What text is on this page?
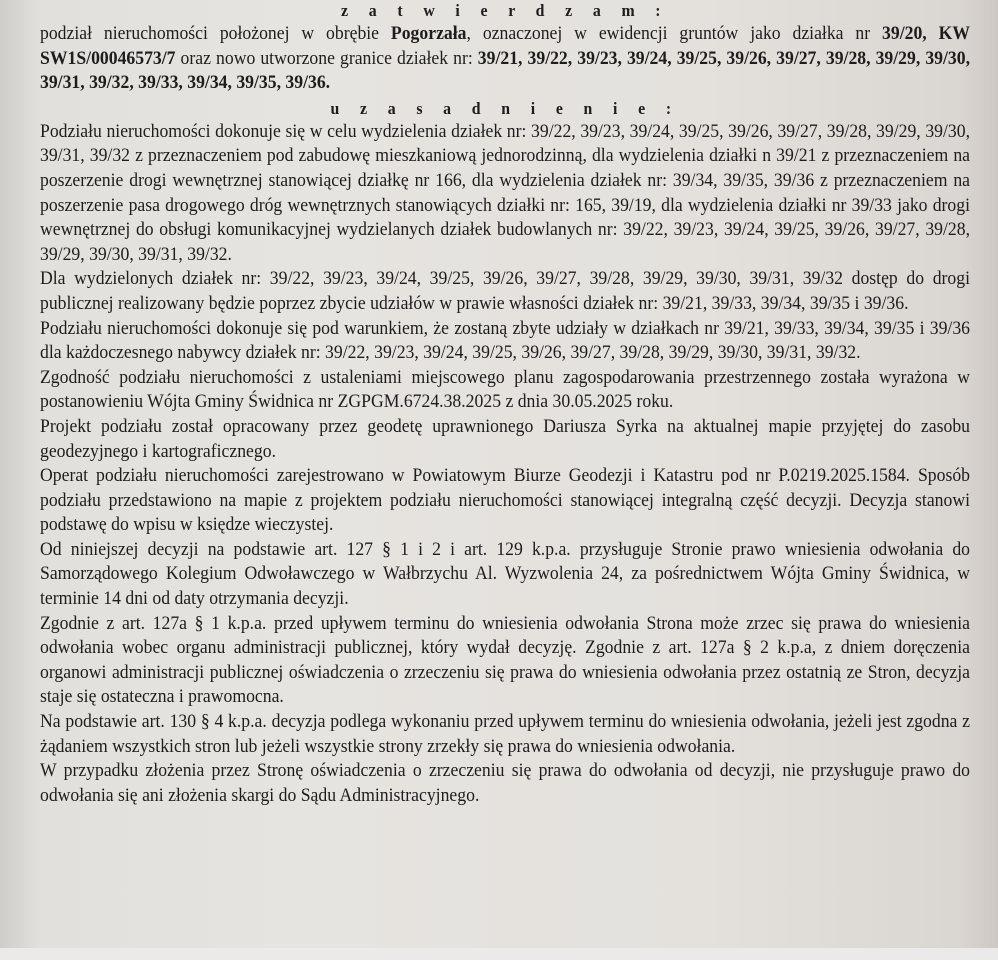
z a t w i e r d z a m :

podział nieruchomości położonej w obrębie Pogorzała, oznaczonej w ewidencji gruntów jako działka nr 39/20, KW SW1S/00046573/7 oraz nowo utworzone granice działek nr: 39/21, 39/22, 39/23, 39/24, 39/25, 39/26, 39/27, 39/28, 39/29, 39/30, 39/31, 39/32, 39/33, 39/34, 39/35, 39/36.

u z a s a d n i e n i e :

Podziału nieruchomości dokonuje się w celu wydzielenia działek nr: 39/22, 39/23, 39/24, 39/25, 39/26, 39/27, 39/28, 39/29, 39/30, 39/31, 39/32 z przeznaczeniem pod zabudowę mieszkaniową jednorodzinną, dla wydzielenia działki n 39/21 z przeznaczeniem na poszerzenie drogi wewnętrznej stanowiącej działkę nr 166, dla wydzielenia działek nr: 39/34, 39/35, 39/36 z przeznaczeniem na poszerzenie pasa drogowego dróg wewnętrznych stanowiących działki nr: 165, 39/19, dla wydzielenia działki nr 39/33 jako drogi wewnętrznej do obsługi komunikacyjnej wydzielanych działek budowlanych nr: 39/22, 39/23, 39/24, 39/25, 39/26, 39/27, 39/28, 39/29, 39/30, 39/31, 39/32.

Dla wydzielonych działek nr: 39/22, 39/23, 39/24, 39/25, 39/26, 39/27, 39/28, 39/29, 39/30, 39/31, 39/32 dostęp do drogi publicznej realizowany będzie poprzez zbycie udziałów w prawie własności działek nr: 39/21, 39/33, 39/34, 39/35 i 39/36.

Podziału nieruchomości dokonuje się pod warunkiem, że zostaną zbyte udziały w działkach nr 39/21, 39/33, 39/34, 39/35 i 39/36 dla każdoczesnego nabywcy działek nr: 39/22, 39/23, 39/24, 39/25, 39/26, 39/27, 39/28, 39/29, 39/30, 39/31, 39/32.

Zgodność podziału nieruchomości z ustaleniami miejscowego planu zagospodarowania przestrzennego została wyrażona w postanowieniu Wójta Gminy Świdnica nr ZGPGM.6724.38.2025 z dnia 30.05.2025 roku.

Projekt podziału został opracowany przez geodetę uprawnionego Dariusza Syrka na aktualnej mapie przyjętej do zasobu geodezyjnego i kartograficznego.

Operat podziału nieruchomości zarejestrowano w Powiatowym Biurze Geodezji i Katastru pod nr P.0219.2025.1584. Sposób podziału przedstawiono na mapie z projektem podziału nieruchomości stanowiącej integralną część decyzji. Decyzja stanowi podstawę do wpisu w księdze wieczystej.

Od niniejszej decyzji na podstawie art. 127 § 1 i 2 i art. 129 k.p.a. przysługuje Stronie prawo wniesienia odwołania do Samorządowego Kolegium Odwoławczego w Wałbrzychu Al. Wyzwolenia 24, za pośrednictwem Wójta Gminy Świdnica, w terminie 14 dni od daty otrzymania decyzji.

Zgodnie z art. 127a § 1 k.p.a. przed upływem terminu do wniesienia odwołania Strona może zrzec się prawa do wniesienia odwołania wobec organu administracji publicznej, który wydał decyzję. Zgodnie z art. 127a § 2 k.p.a, z dniem doręczenia organowi administracji publicznej oświadczenia o zrzeczeniu się prawa do wniesienia odwołania przez ostatnią ze Stron, decyzja staje się ostateczna i prawomocna.

Na podstawie art. 130 § 4 k.p.a. decyzja podlega wykonaniu przed upływem terminu do wniesienia odwołania, jeżeli jest zgodna z żądaniem wszystkich stron lub jeżeli wszystkie strony zrzekły się prawa do wniesienia odwołania.

W przypadku złożenia przez Stronę oświadczenia o zrzeczeniu się prawa do odwołania od decyzji, nie przysługuje prawo do odwołania się ani złożenia skargi do Sądu Administracyjnego.
